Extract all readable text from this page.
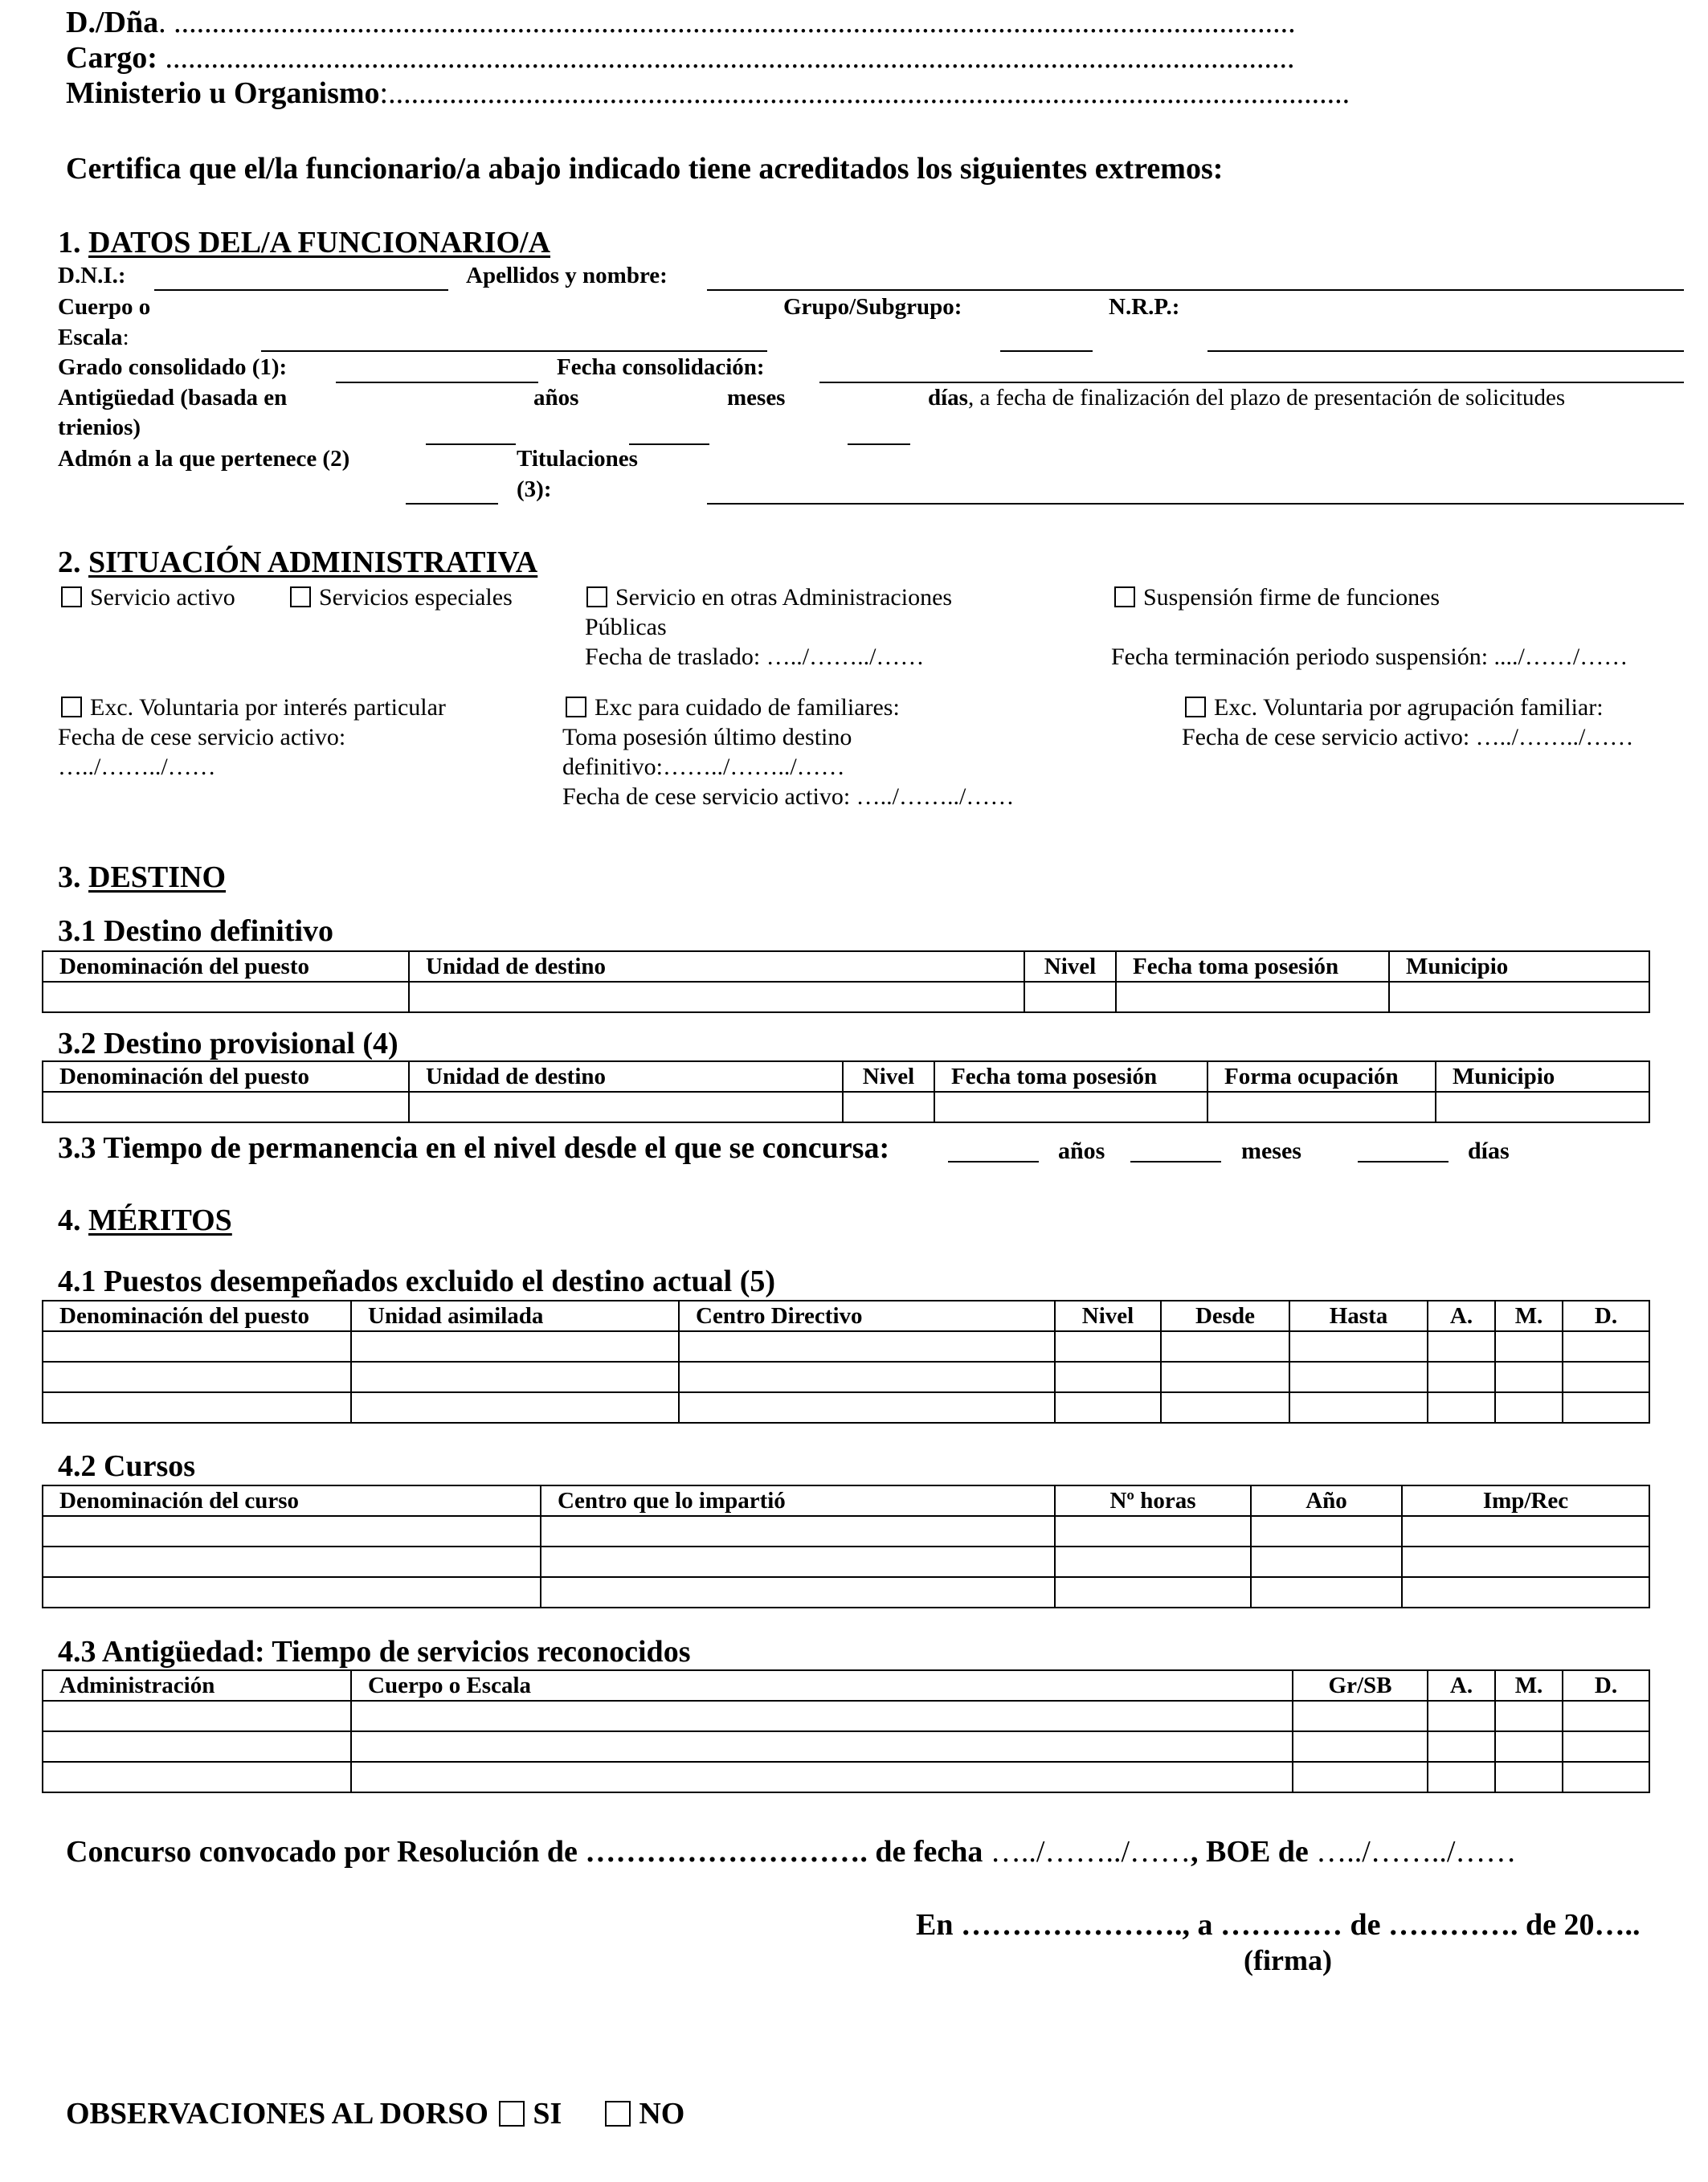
D./Dña. ...................................................................................................................................................
Cargo: ....................................................................................................................................................
Ministerio u Organismo:..............................................................................................................................
Certifica que el/la funcionario/a abajo indicado tiene acreditados los siguientes extremos:
1. DATOS DEL/A FUNCIONARIO/A
D.N.I.:	Apellidos y nombre:
Cuerpo o
Escala:
Grupo/Subgrupo:	N.R.P.:
Grado consolidado (1):	Fecha consolidación:
Antigüedad (basada en
trienios)
años	meses	días, a fecha de finalización del plazo de presentación de solicitudes
Admón a la que pertenece (2)	Titulaciones
(3):
2. SITUACIÓN ADMINISTRATIVA
Servicio activo	Servicios especiales	Servicio en otras Administraciones
Públicas
Fecha de traslado: …../……../……
Suspensión firme de funciones
Fecha terminación periodo suspensión: ..../……/……
Exc. Voluntaria por interés particular
Fecha de cese servicio activo:
…../……../……
Exc para cuidado de familiares:
Toma posesión último destino
definitivo:……../……../……
Fecha de cese servicio activo: …../……../……
Exc. Voluntaria por agrupación familiar:
Fecha de cese servicio activo: …../……../……
3. DESTINO
3.1 Destino definitivo
Denominación del puesto	Unidad de destino	Nivel	Fecha toma posesión	Municipio

3.2 Destino provisional (4)
Denominación del puesto	Unidad de destino	Nivel	Fecha toma posesión	Forma ocupación	Municipio

3.3 Tiempo de permanencia en el nivel desde el que se concursa:	años	meses	días
4. MÉRITOS
4.1 Puestos desempeñados excluido el destino actual (5)
Denominación del puesto	Unidad asimilada	Centro Directivo	Nivel	Desde	Hasta	A.	M.	D.

4.2 Cursos
Denominación del curso	Centro que lo impartió	Nº horas	Año	Imp/Rec

4.3 Antigüedad: Tiempo de servicios reconocidos
Administración	Cuerpo o Escala	Gr/SB	A.	M.	D.

Concurso convocado por Resolución de ………………………. de fecha …../……../……, BOE de …../……../……
En …………………., a ………… de …………. de 20…..
(firma)
OBSERVACIONES AL DORSO SI	NO
